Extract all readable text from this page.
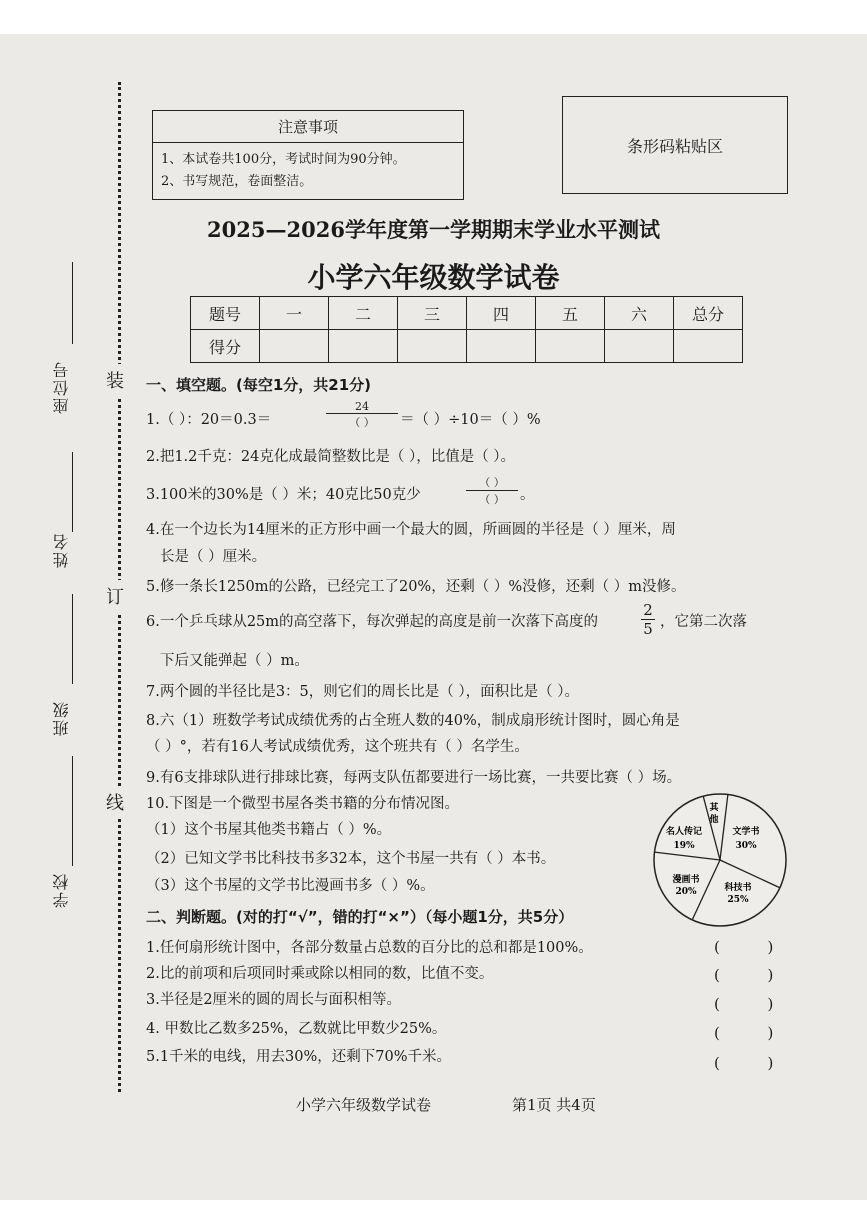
座位号
姓名
班级
学校
装
订
线
注意事项
1、本试卷共100分，考试时间为90分钟。
2、书写规范，卷面整洁。
条形码粘贴区
2025—2026学年度第一学期期末学业水平测试
小学六年级数学试卷
题号	一	二	三	四	五	六	总分
得分							
一、填空题。(每空1分，共21分)
1.（ ）：20＝0.3＝
24
（ ）	＝（ ）÷10＝（ ）%
2.把1.2千克：24克化成最简整数比是（ ），比值是（ ）。
3.100米的30%是（ ）米；40克比50克少
（ ）
（ ）	。
4.在一个边长为14厘米的正方形中画一个最大的圆，所画圆的半径是（ ）厘米，周
长是（ ）厘米。
5.修一条长1250m的公路，已经完工了20%，还剩（ ）%没修，还剩（ ）m没修。
6.一个乒乓球从25m的高空落下，每次弹起的高度是前一次落下高度的	$\frac{2}{5}$ ，它第二次落
下后又能弹起（ ）m。
7.两个圆的半径比是3：5，则它们的周长比是（ ），面积比是（ ）。
8.六（1）班数学考试成绩优秀的占全班人数的40%，制成扇形统计图时，圆心角是
（ ）°，若有16人考试成绩优秀，这个班共有（ ）名学生。
9.有6支排球队进行排球比赛，每两支队伍都要进行一场比赛，一共要比赛（ ）场。
10.下图是一个微型书屋各类书籍的分布情况图。
（1）这个书屋其他类书籍占（ ）%。
（2）已知文学书比科技书多32本，这个书屋一共有（ ）本书。
（3）这个书屋的文学书比漫画书多（ ）%。
其
他
名人传记
19%
文学书
30%
漫画书
20%	科技书
25%
二、判断题。(对的打“√”，错的打“×”）（每小题1分，共5分）
1.任何扇形统计图中，各部分数量占总数的百分比的总和都是100%。
2.比的前项和后项同时乘或除以相同的数，比值不变。
3.半径是2厘米的圆的周长与面积相等。
4. 甲数比乙数多25%，乙数就比甲数少25%。
5.1千米的电线，用去30%，还剩下70%千米。
(          )
(          )
(          )
(          )
(          )
小学六年级数学试卷	第1页 共4页
